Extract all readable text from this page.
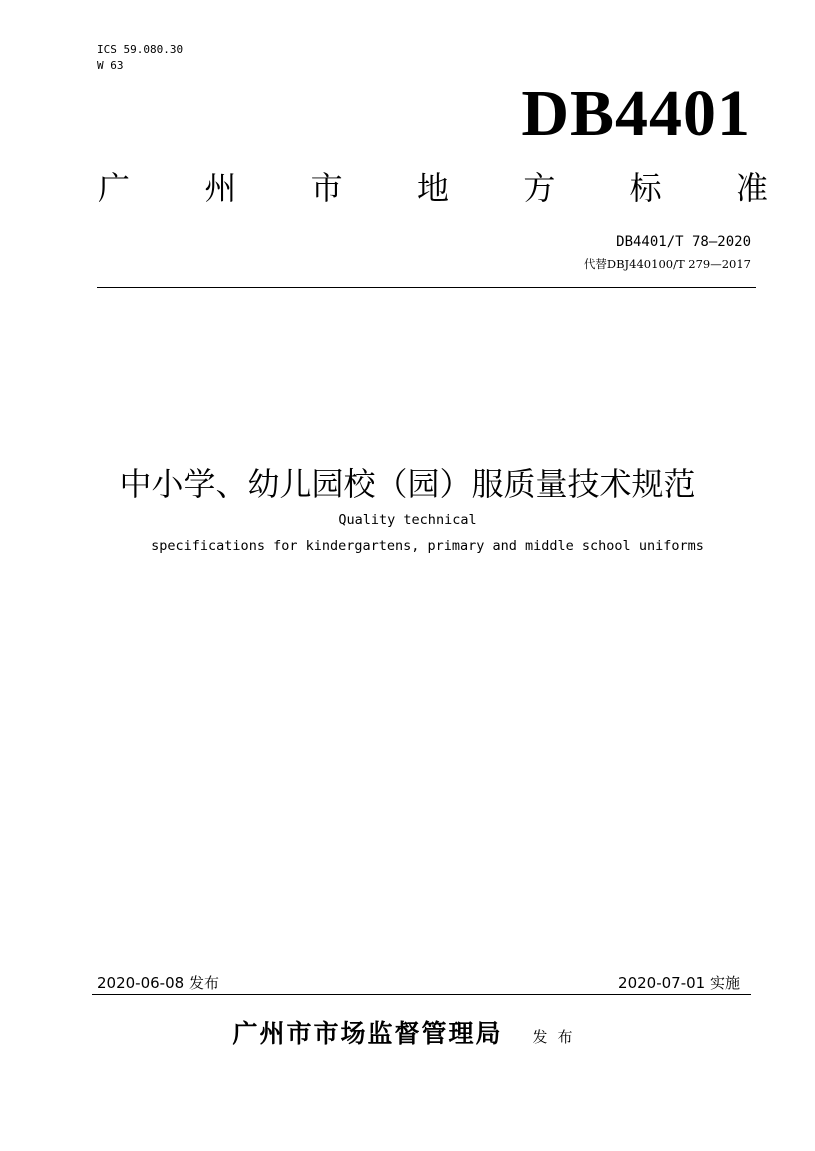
ICS 59.080.30
W 63
DB4401
广 州 市 地 方 标 准
DB4401/T 78—2020
代替DBJ440100/T 279—2017
中小学、幼儿园校（园）服质量技术规范
Quality technical
specifications for kindergartens, primary and middle school uniforms
2020-06-08 发布	2020-07-01 实施
广州市市场监督管理局 发布
